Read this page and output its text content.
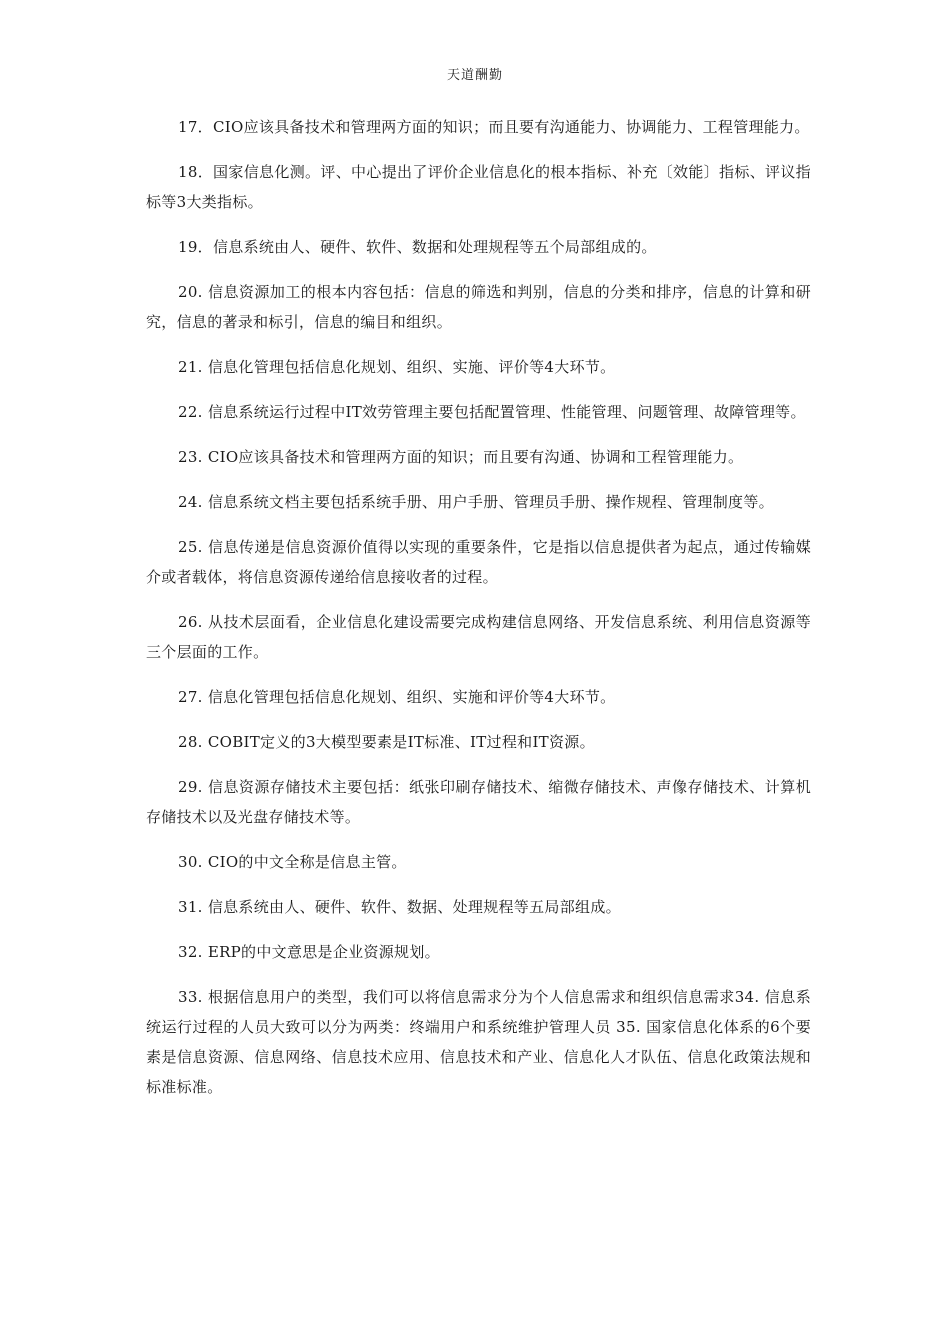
天道酬勤

17．CIO应该具备技术和管理两方面的知识；而且要有沟通能力、协调能力、工程管理能力。

18．国家信息化测。评、中心提出了评价企业信息化的根本指标、补充〔效能〕指标、评议指标等3大类指标。

19．信息系统由人、硬件、软件、数据和处理规程等五个局部组成的。

20. 信息资源加工的根本内容包括：信息的筛选和判别，信息的分类和排序，信息的计算和研究，信息的著录和标引，信息的编目和组织。

21. 信息化管理包括信息化规划、组织、实施、评价等4大环节。

22. 信息系统运行过程中IT效劳管理主要包括配置管理、性能管理、问题管理、故障管理等。

23. CIO应该具备技术和管理两方面的知识；而且要有沟通、协调和工程管理能力。

24. 信息系统文档主要包括系统手册、用户手册、管理员手册、操作规程、管理制度等。

25. 信息传递是信息资源价值得以实现的重要条件，它是指以信息提供者为起点，通过传输媒介或者载体，将信息资源传递给信息接收者的过程。

26. 从技术层面看，企业信息化建设需要完成构建信息网络、开发信息系统、利用信息资源等三个层面的工作。

27. 信息化管理包括信息化规划、组织、实施和评价等4大环节。

28. COBIT定义的3大模型要素是IT标准、IT过程和IT资源。

29. 信息资源存储技术主要包括：纸张印刷存储技术、缩微存储技术、声像存储技术、计算机存储技术以及光盘存储技术等。

30. CIO的中文全称是信息主管。

31. 信息系统由人、硬件、软件、数据、处理规程等五局部组成。

32. ERP的中文意思是企业资源规划。

33. 根据信息用户的类型，我们可以将信息需求分为个人信息需求和组织信息需求34. 信息系统运行过程的人员大致可以分为两类：终端用户和系统维护管理人员 35. 国家信息化体系的6个要素是信息资源、信息网络、信息技术应用、信息技术和产业、信息化人才队伍、信息化政策法规和标准标准。
